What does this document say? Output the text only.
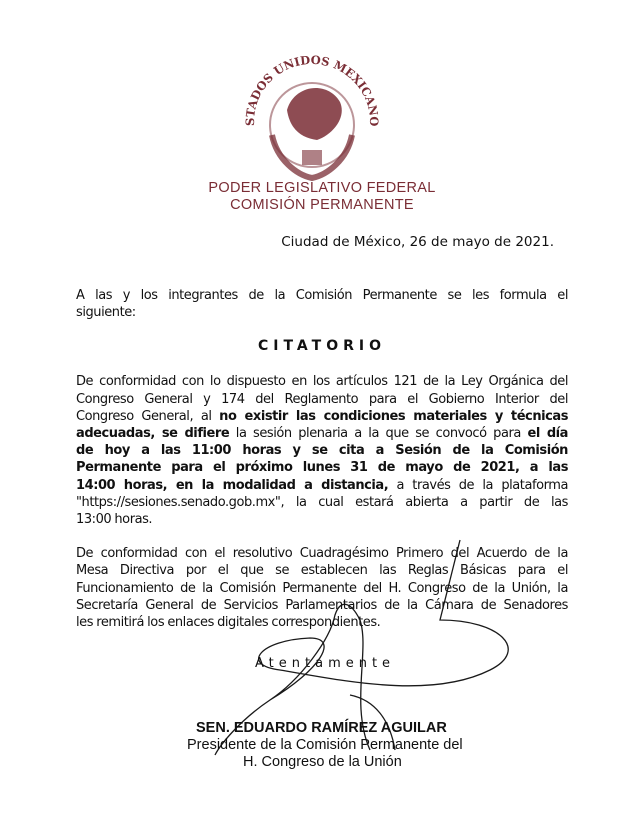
STADOS UNIDOS MEXICANO
PODER LEGISLATIVO FEDERAL
COMISIÓN PERMANENTE
Ciudad de México, 26 de mayo de 2021.
A las y los integrantes de la Comisión Permanente se les formula el
siguiente:
CITATORIO
De conformidad con lo dispuesto en los artículos 121 de la Ley Orgánica del
Congreso General y 174 del Reglamento para el Gobierno Interior del
Congreso General, al no existir las condiciones materiales y técnicas
adecuadas, se difiere la sesión plenaria a la que se convocó para el día
de hoy a las 11:00 horas y se cita a Sesión de la Comisión
Permanente para el próximo lunes 31 de mayo de 2021, a las
14:00 horas, en la modalidad a distancia, a través de la plataforma
"https://sesiones.senado.gob.mx", la cual estará abierta a partir de las
13:00 horas.
De conformidad con el resolutivo Cuadragésimo Primero del Acuerdo de la
Mesa Directiva por el que se establecen las Reglas Básicas para el
Funcionamiento de la Comisión Permanente del H. Congreso de la Unión, la
Secretaría General de Servicios Parlamentarios de la Cámara de Senadores
les remitirá los enlaces digitales correspondientes.
Atentamente
SEN. EDUARDO RAMÍREZ AGUILAR
Presidente de la Comisión Permanente del
H. Congreso de la Unión
